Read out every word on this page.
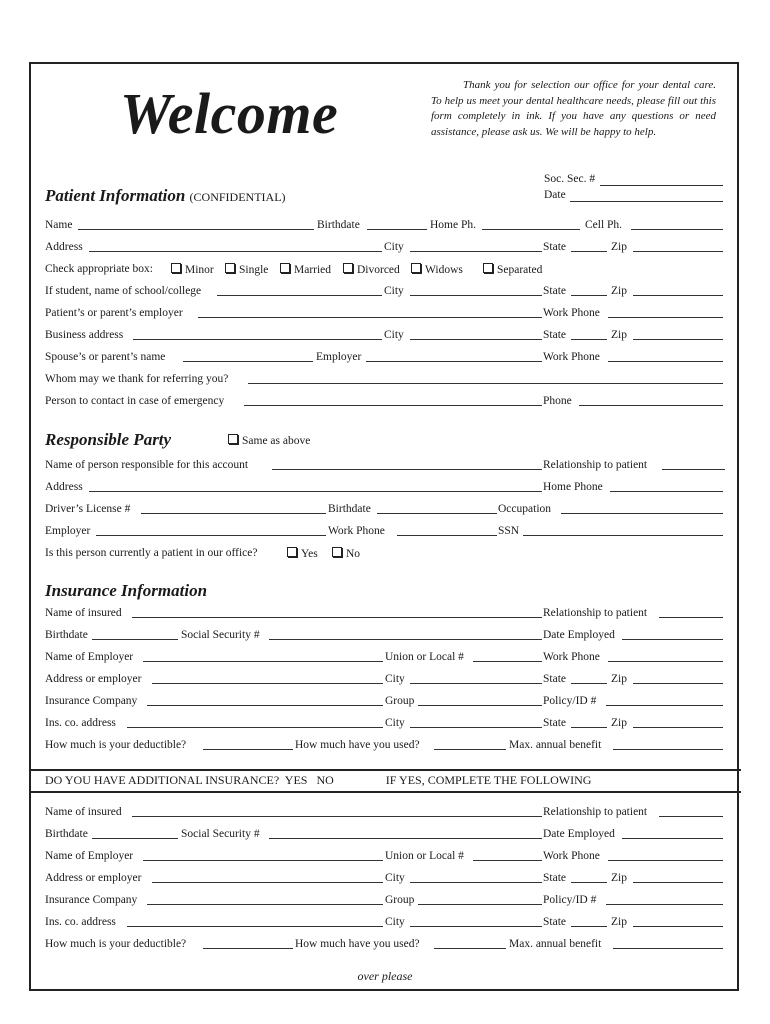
Welcome	Thank you for selection our office for your dental care. To help us meet your dental healthcare needs, please fill out this form completely in ink. If you have any questions or need assistance, please ask us. We will be happy to help.
Soc. Sec. #
Date
Patient Information (CONFIDENTIAL)
Name	Birthdate	Home Ph.	Cell Ph.
Address	City	State	Zip
Check appropriate box:	Minor	Single	Married	Divorced	Widows	Separated
If student, name of school/college	City	State	Zip
Patient’s or parent’s employer	Work Phone
Business address	City	State	Zip
Spouse’s or parent’s name	Employer	Work Phone
Whom may we thank for referring you?
Person to contact in case of emergency	Phone
Responsible Party	Same as above
Name of person responsible for this account	Relationship to patient
Address	Home Phone
Driver’s License #	Birthdate	Occupation
Employer	Work Phone	SSN
Is this person currently a patient in our office?	Yes	No
Insurance Information
Name of insured	Relationship to patient
Birthdate	Social Security #	Date Employed
Name of Employer	Union or Local #	Work Phone
Address or employer	City	State	Zip
Insurance Company	Group	Policy/ID #
Ins. co. address	City	State	Zip
How much is your deductible?	How much have you used?	Max. annual benefit
DO YOU HAVE ADDITIONAL INSURANCE? YES NO	IF YES, COMPLETE THE FOLLOWING
Name of insured	Relationship to patient
Birthdate	Social Security #	Date Employed
Name of Employer	Union or Local #	Work Phone
Address or employer	City	State	Zip
Insurance Company	Group	Policy/ID #
Ins. co. address	City	State	Zip
How much is your deductible?	How much have you used?	Max. annual benefit
over please
